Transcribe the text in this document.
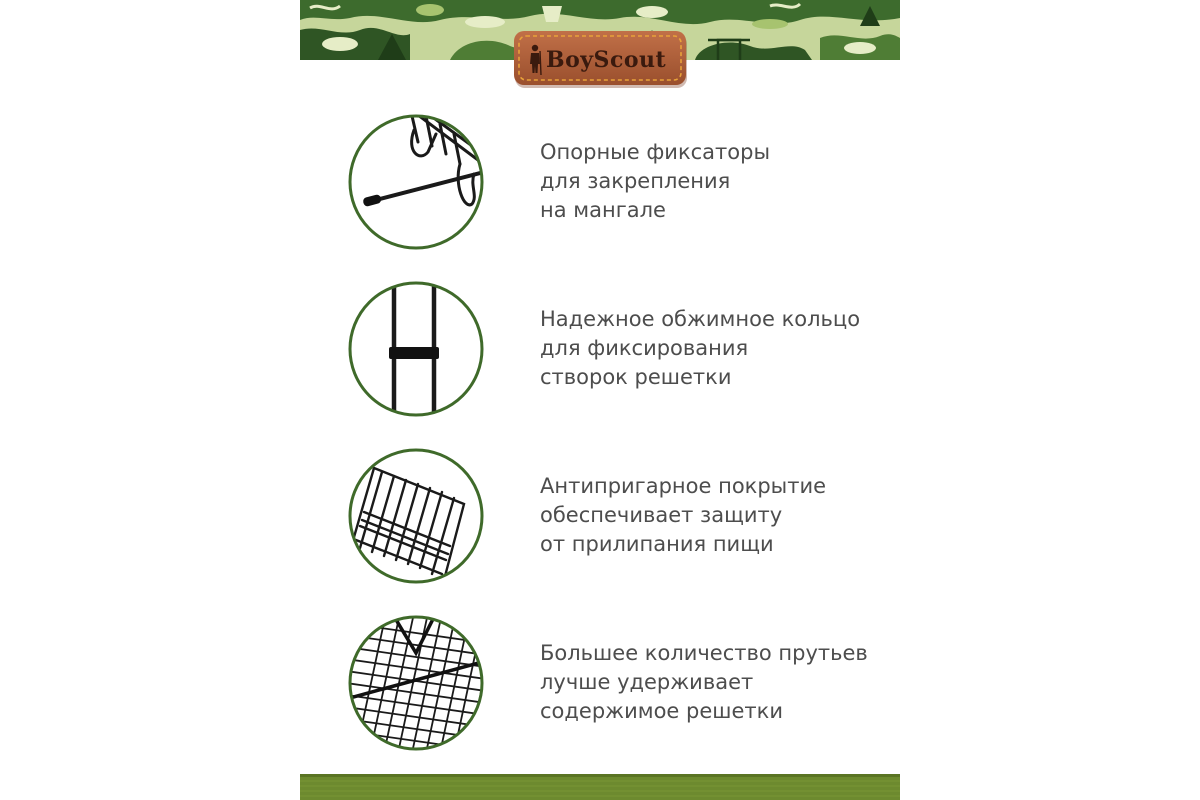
BoyScout

Опорные фиксаторы
для закрепления
на мангале

Надежное обжимное кольцо
для фиксирования
створок решетки

Антипригарное покрытие
обеспечивает защиту
от прилипания пищи

Большее количество прутьев
лучше удерживает
содержимое решетки
